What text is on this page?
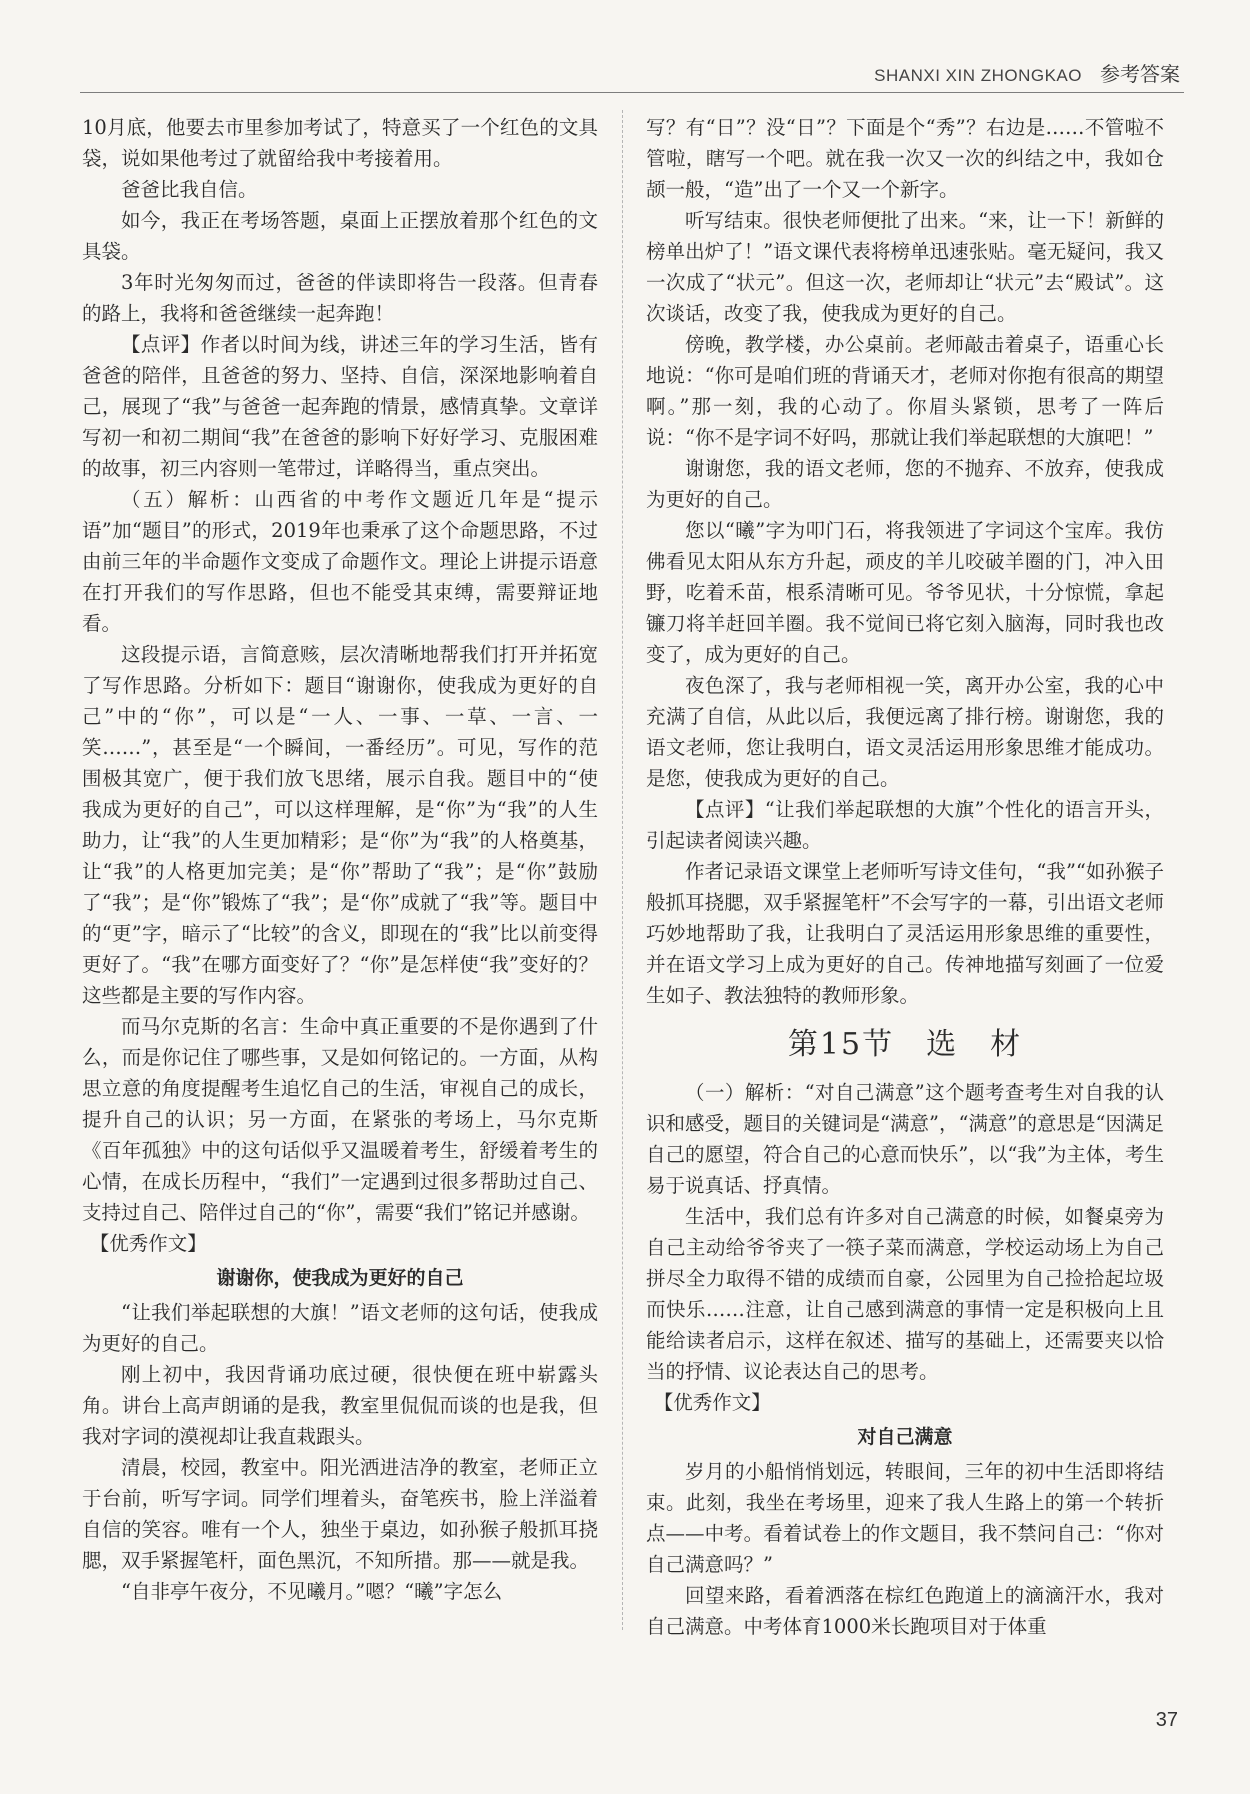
SHANXI XIN ZHONGKAO 参考答案

10月底，他要去市里参加考试了，特意买了一个红色的文具袋，说如果他考过了就留给我中考接着用。

爸爸比我自信。

如今，我正在考场答题，桌面上正摆放着那个红色的文具袋。

3年时光匆匆而过，爸爸的伴读即将告一段落。但青春的路上，我将和爸爸继续一起奔跑！

【点评】作者以时间为线，讲述三年的学习生活，皆有爸爸的陪伴，且爸爸的努力、坚持、自信，深深地影响着自己，展现了“我”与爸爸一起奔跑的情景，感情真挚。文章详写初一和初二期间“我”在爸爸的影响下好好学习、克服困难的故事，初三内容则一笔带过，详略得当，重点突出。

（五）解析：山西省的中考作文题近几年是“提示语”加“题目”的形式，2019年也秉承了这个命题思路，不过由前三年的半命题作文变成了命题作文。理论上讲提示语意在打开我们的写作思路，但也不能受其束缚，需要辩证地看。

这段提示语，言简意赅，层次清晰地帮我们打开并拓宽了写作思路。分析如下：题目“谢谢你，使我成为更好的自己”中的“你”，可以是“一人、一事、一草、一言、一笑……”，甚至是“一个瞬间，一番经历”。可见，写作的范围极其宽广，便于我们放飞思绪，展示自我。题目中的“使我成为更好的自己”，可以这样理解，是“你”为“我”的人生助力，让“我”的人生更加精彩；是“你”为“我”的人格奠基，让“我”的人格更加完美；是“你”帮助了“我”；是“你”鼓励了“我”；是“你”锻炼了“我”；是“你”成就了“我”等。题目中的“更”字，暗示了“比较”的含义，即现在的“我”比以前变得更好了。“我”在哪方面变好了？“你”是怎样使“我”变好的？这些都是主要的写作内容。

而马尔克斯的名言：生命中真正重要的不是你遇到了什么，而是你记住了哪些事，又是如何铭记的。一方面，从构思立意的角度提醒考生追忆自己的生活，审视自己的成长，提升自己的认识；另一方面，在紧张的考场上，马尔克斯《百年孤独》中的这句话似乎又温暖着考生，舒缓着考生的心情，在成长历程中，“我们”一定遇到过很多帮助过自己、支持过自己、陪伴过自己的“你”，需要“我们”铭记并感谢。

【优秀作文】

谢谢你，使我成为更好的自己

“让我们举起联想的大旗！”语文老师的这句话，使我成为更好的自己。

刚上初中，我因背诵功底过硬，很快便在班中崭露头角。讲台上高声朗诵的是我，教室里侃侃而谈的也是我，但我对字词的漠视却让我直栽跟头。

清晨，校园，教室中。阳光洒进洁净的教室，老师正立于台前，听写字词。同学们埋着头，奋笔疾书，脸上洋溢着自信的笑容。唯有一个人，独坐于桌边，如孙猴子般抓耳挠腮，双手紧握笔杆，面色黑沉，不知所措。那——就是我。

“自非亭午夜分，不见曦月。”嗯？“曦”字怎么

写？有“日”？没“日”？下面是个“秀”？右边是……不管啦不管啦，瞎写一个吧。就在我一次又一次的纠结之中，我如仓颉一般，“造”出了一个又一个新字。

听写结束。很快老师便批了出来。“来，让一下！新鲜的榜单出炉了！”语文课代表将榜单迅速张贴。毫无疑问，我又一次成了“状元”。但这一次，老师却让“状元”去“殿试”。这次谈话，改变了我，使我成为更好的自己。

傍晚，教学楼，办公桌前。老师敲击着桌子，语重心长地说：“你可是咱们班的背诵天才，老师对你抱有很高的期望啊。”那一刻，我的心动了。你眉头紧锁，思考了一阵后说：“你不是字词不好吗，那就让我们举起联想的大旗吧！”

谢谢您，我的语文老师，您的不抛弃、不放弃，使我成为更好的自己。

您以“曦”字为叩门石，将我领进了字词这个宝库。我仿佛看见太阳从东方升起，顽皮的羊儿咬破羊圈的门，冲入田野，吃着禾苗，根系清晰可见。爷爷见状，十分惊慌，拿起镰刀将羊赶回羊圈。我不觉间已将它刻入脑海，同时我也改变了，成为更好的自己。

夜色深了，我与老师相视一笑，离开办公室，我的心中充满了自信，从此以后，我便远离了排行榜。谢谢您，我的语文老师，您让我明白，语文灵活运用形象思维才能成功。是您，使我成为更好的自己。

【点评】“让我们举起联想的大旗”个性化的语言开头，引起读者阅读兴趣。

作者记录语文课堂上老师听写诗文佳句，“我”“如孙猴子般抓耳挠腮，双手紧握笔杆”不会写字的一幕，引出语文老师巧妙地帮助了我，让我明白了灵活运用形象思维的重要性，并在语文学习上成为更好的自己。传神地描写刻画了一位爱生如子、教法独特的教师形象。

第15节　选　材

（一）解析：“对自己满意”这个题考查考生对自我的认识和感受，题目的关键词是“满意”，“满意”的意思是“因满足自己的愿望，符合自己的心意而快乐”，以“我”为主体，考生易于说真话、抒真情。

生活中，我们总有许多对自己满意的时候，如餐桌旁为自己主动给爷爷夹了一筷子菜而满意，学校运动场上为自己拼尽全力取得不错的成绩而自豪，公园里为自己捡拾起垃圾而快乐……注意，让自己感到满意的事情一定是积极向上且能给读者启示，这样在叙述、描写的基础上，还需要夹以恰当的抒情、议论表达自己的思考。

【优秀作文】

对自己满意

岁月的小船悄悄划远，转眼间，三年的初中生活即将结束。此刻，我坐在考场里，迎来了我人生路上的第一个转折点——中考。看着试卷上的作文题目，我不禁问自己：“你对自己满意吗？”

回望来路，看着洒落在棕红色跑道上的滴滴汗水，我对自己满意。中考体育1000米长跑项目对于体重

37
